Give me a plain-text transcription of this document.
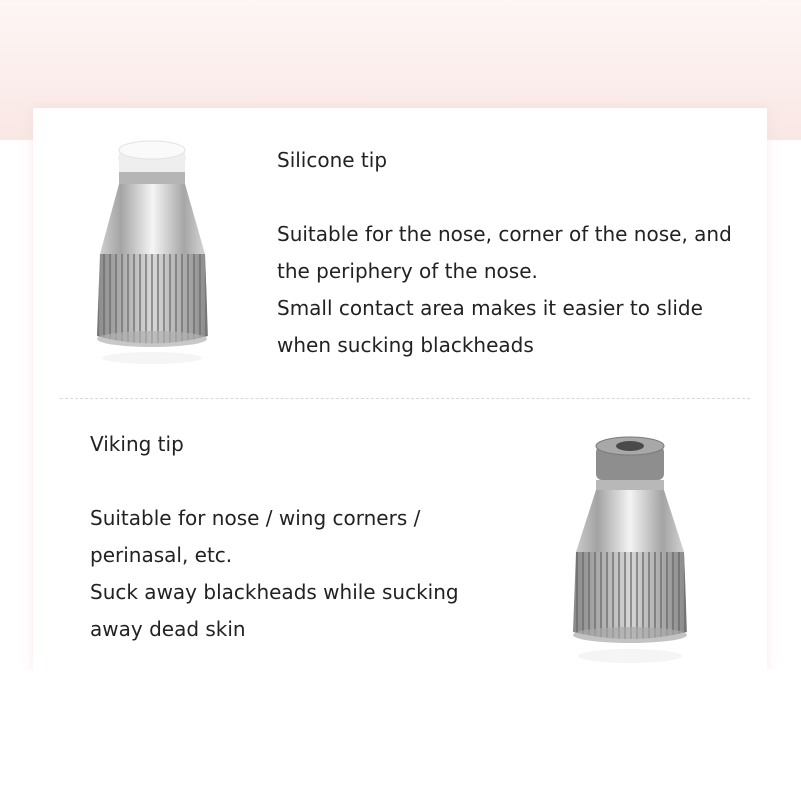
Silicone tip

Suitable for the nose, corner of the nose, and

the periphery of the nose.

Small contact area makes it easier to slide

when sucking blackheads

Viking tip

Suitable for nose / wing corners /

perinasal, etc.

Suck away blackheads while sucking

away dead skin
